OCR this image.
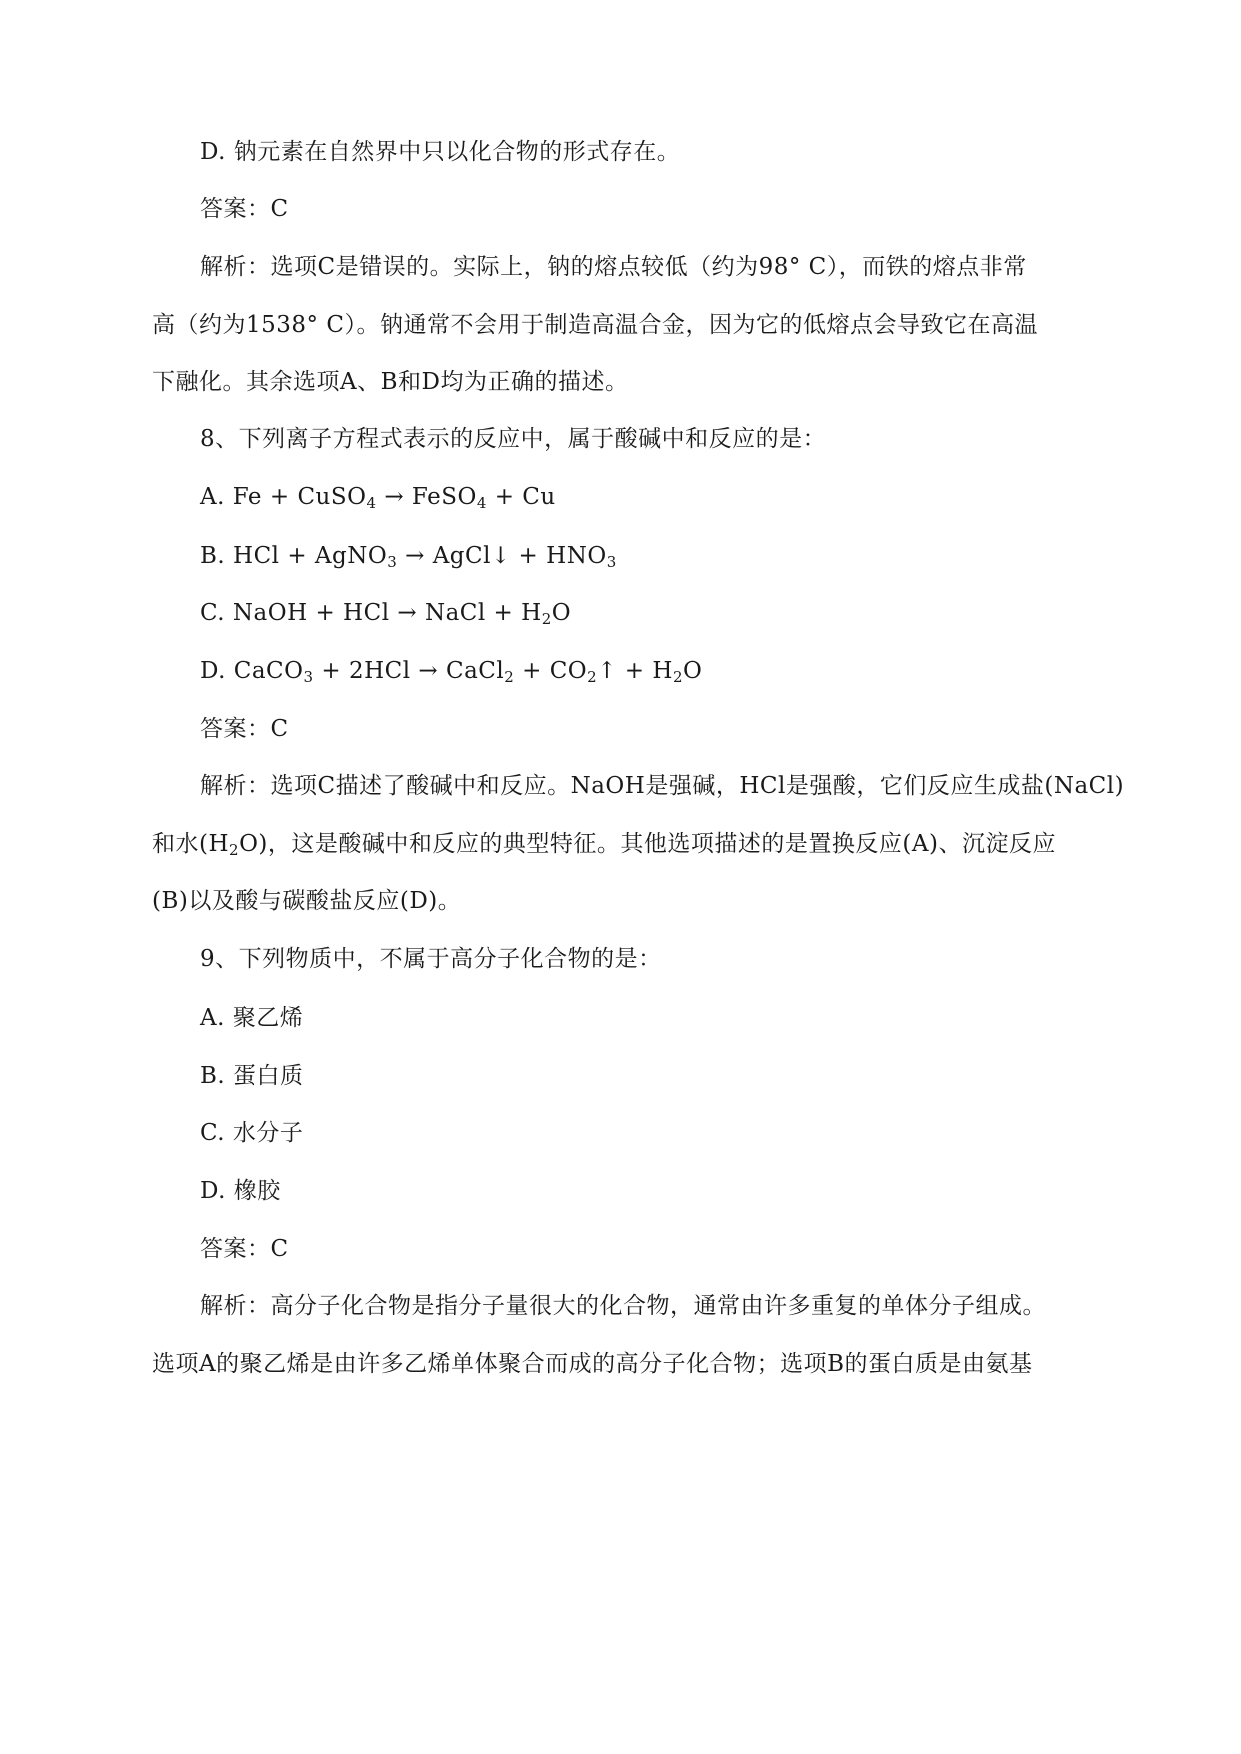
D. 钠元素在自然界中只以化合物的形式存在。
答案：C
解析：选项C是错误的。实际上，钠的熔点较低（约为98° C），而铁的熔点非常
高（约为1538° C）。钠通常不会用于制造高温合金，因为它的低熔点会导致它在高温
下融化。其余选项A、B和D均为正确的描述。
8、下列离子方程式表示的反应中，属于酸碱中和反应的是：
A. Fe + CuSO$_4$ → FeSO$_4$ + Cu
B. HCl + AgNO$_3$ → AgCl↓ + $HNO_3$
C. NaOH + HCl → NaCl + $H_2O$
D. CaCO$_3$ + 2HCl → CaCl$_2$ + $CO_2↑ + H_2O$
答案：C
解析：选项C描述了酸碱中和反应。NaOH是强碱，HCl是强酸，它们反应生成盐(NaCl)
和水$(H_2O)$，这是酸碱中和反应的典型特征。其他选项描述的是置换反应(A)、沉淀反应
(B)以及酸与碳酸盐反应(D)。
9、下列物质中，不属于高分子化合物的是：
A. 聚乙烯
B. 蛋白质
C. 水分子
D. 橡胶
答案：C
解析：高分子化合物是指分子量很大的化合物，通常由许多重复的单体分子组成。
选项A的聚乙烯是由许多乙烯单体聚合而成的高分子化合物；选项B的蛋白质是由氨基
